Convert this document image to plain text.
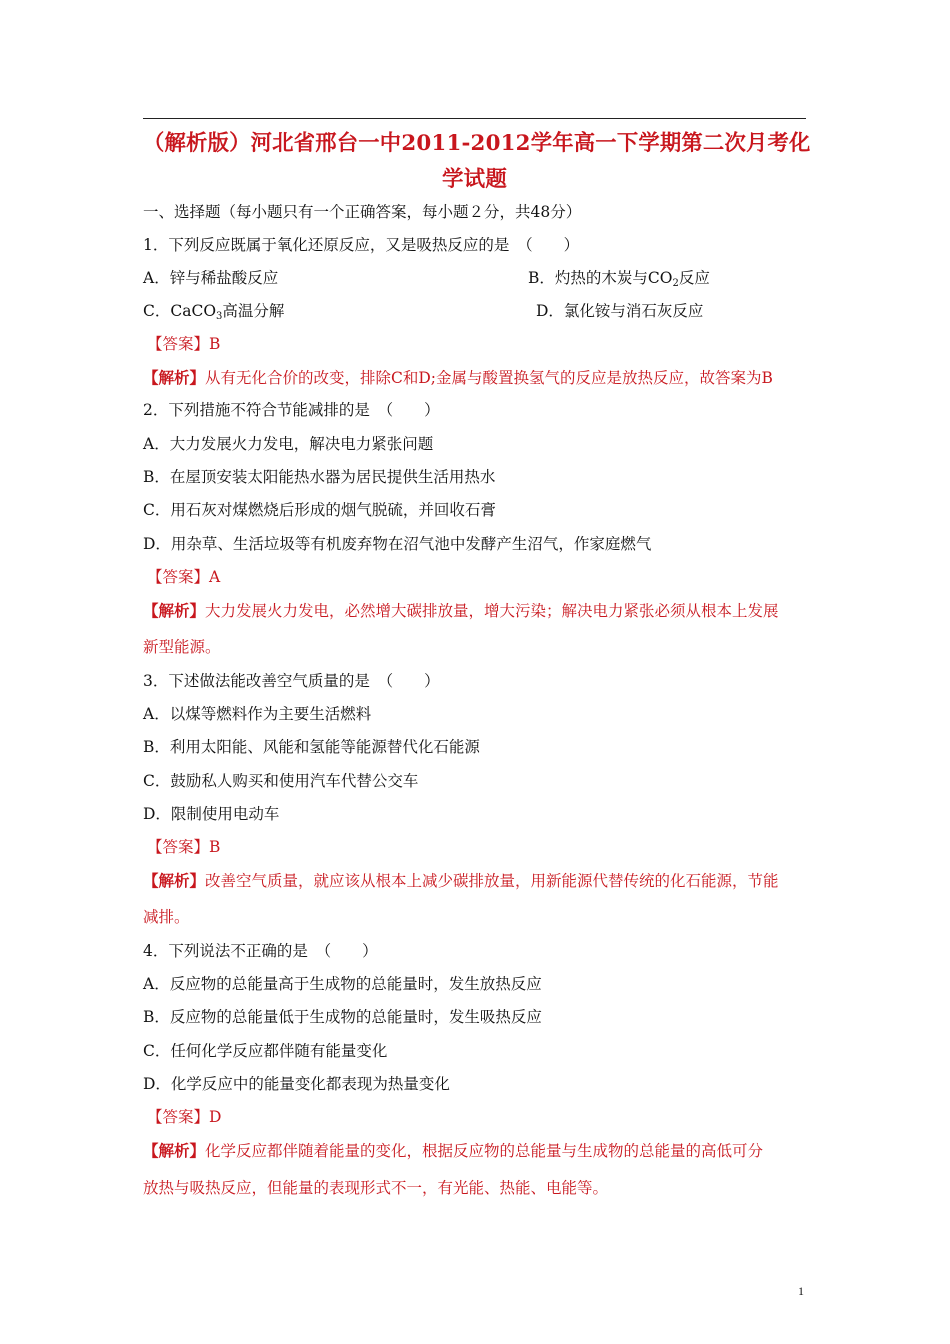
（解析版）河北省邢台一中2011-2012学年高一下学期第二次月考化
学试题
一、选择题（每小题只有一个正确答案，每小题２分，共48分）
1．下列反应既属于氧化还原反应，又是吸热反应的是　（　　）
A．锌与稀盐酸反应	B．灼热的木炭与$CO_2$反应
C．CaCO$_3$高温分解	D．氯化铵与消石灰反应
【答案】B
【解析】从有无化合价的改变，排除C和D;金属与酸置换氢气的反应是放热反应，故答案为B
2．下列措施不符合节能减排的是　（　　）
A．大力发展火力发电，解决电力紧张问题
B．在屋顶安装太阳能热水器为居民提供生活用热水
C．用石灰对煤燃烧后形成的烟气脱硫，并回收石膏
D．用杂草、生活垃圾等有机废弃物在沼气池中发酵产生沼气，作家庭燃气
【答案】A
【解析】大力发展火力发电，必然增大碳排放量，增大污染；解决电力紧张必须从根本上发展
新型能源。
3．下述做法能改善空气质量的是　（　　）
A．以煤等燃料作为主要生活燃料
B．利用太阳能、风能和氢能等能源替代化石能源
C．鼓励私人购买和使用汽车代替公交车
D．限制使用电动车
【答案】B
【解析】改善空气质量，就应该从根本上减少碳排放量，用新能源代替传统的化石能源，节能
减排。
4．下列说法不正确的是　（　　）
A．反应物的总能量高于生成物的总能量时，发生放热反应
B．反应物的总能量低于生成物的总能量时，发生吸热反应
C．任何化学反应都伴随有能量变化
D．化学反应中的能量变化都表现为热量变化
【答案】D
【解析】化学反应都伴随着能量的变化，根据反应物的总能量与生成物的总能量的高低可分
放热与吸热反应，但能量的表现形式不一，有光能、热能、电能等。
1
